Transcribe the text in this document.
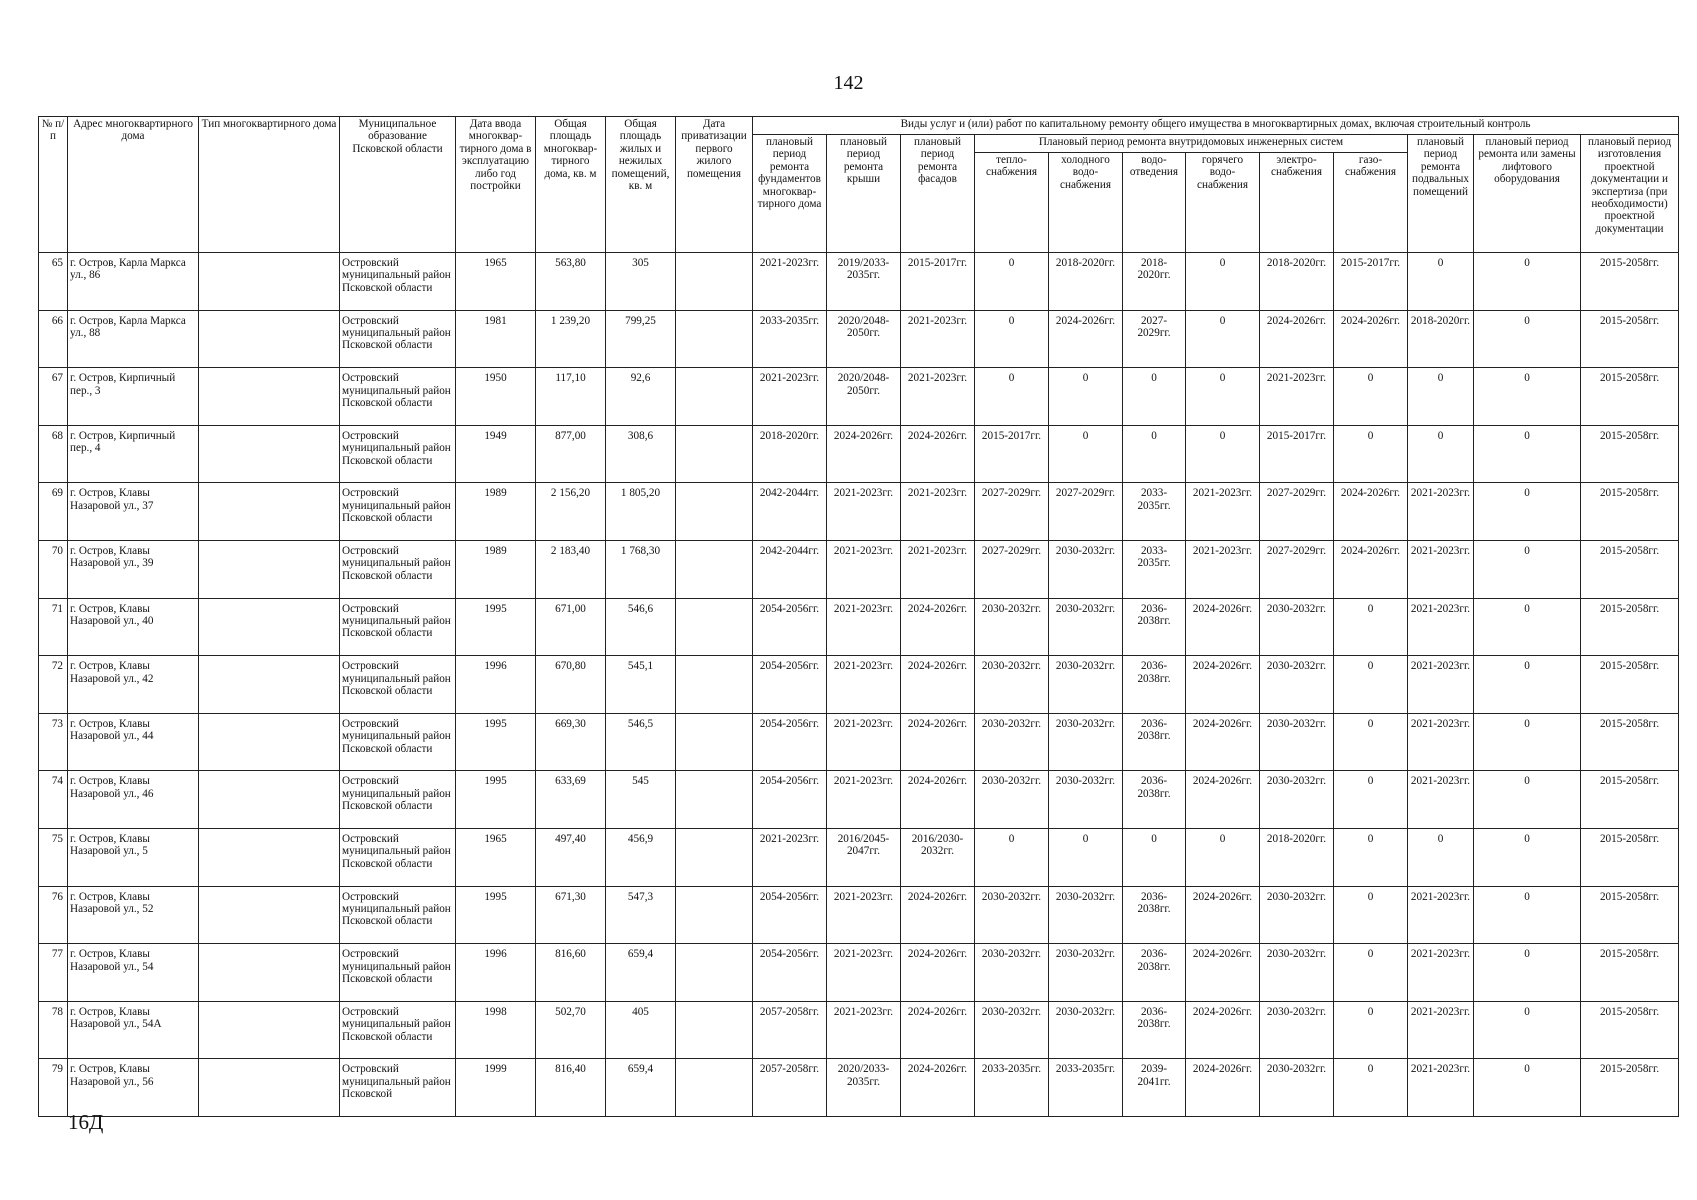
142
№ п/п	Адрес многоквартирного дома	Тип многоквартирного дома	Муниципальное образование Псковской области	Дата ввода многоквар-тирного дома в эксплуатацию либо год постройки	Общая площадь многоквар-тирного дома, кв. м	Общая площадь жилых и нежилых помещений, кв. м	Дата приватизации первого жилого помещения	Виды услуг и (или) работ по капитальному ремонту общего имущества в многоквартирных домах, включая строительный контроль											
								плановый период ремонта фундаментов многоквар-тирного дома	плановый период ремонта крыши	плановый период ремонта фасадов	Плановый период ремонта внутридомовых инженерных систем						плановый период ремонта подвальных помещений	плановый период ремонта или замены лифтового оборудования	плановый период изготовления проектной документации и экспертиза (при необходимости) проектной документации
											тепло-снабжения	холодного водо-снабжения	водо-отведения	горячего водо-снабжения	электро-снабжения	газо-снабжения			
65	г. Остров, Карла Маркса ул., 86		Островский муниципальный район Псковской области	1965	563,80	305		2021-2023гг.	2019/2033-2035гг.	2015-2017гг.	0	2018-2020гг.	2018-2020гг.	0	2018-2020гг.	2015-2017гг.	0	0	2015-2058гг.
66	г. Остров, Карла Маркса ул., 88		Островский муниципальный район Псковской области	1981	1 239,20	799,25		2033-2035гг.	2020/2048-2050гг.	2021-2023гг.	0	2024-2026гг.	2027-2029гг.	0	2024-2026гг.	2024-2026гг.	2018-2020гг.	0	2015-2058гг.
67	г. Остров, Кирпичный пер., 3		Островский муниципальный район Псковской области	1950	117,10	92,6		2021-2023гг.	2020/2048-2050гг.	2021-2023гг.	0	0	0	0	2021-2023гг.	0	0	0	2015-2058гг.
68	г. Остров, Кирпичный пер., 4		Островский муниципальный район Псковской области	1949	877,00	308,6		2018-2020гг.	2024-2026гг.	2024-2026гг.	2015-2017гг.	0	0	0	2015-2017гг.	0	0	0	2015-2058гг.
69	г. Остров, Клавы Назаровой ул., 37		Островский муниципальный район Псковской области	1989	2 156,20	1 805,20		2042-2044гг.	2021-2023гг.	2021-2023гг.	2027-2029гг.	2027-2029гг.	2033-2035гг.	2021-2023гг.	2027-2029гг.	2024-2026гг.	2021-2023гг.	0	2015-2058гг.
70	г. Остров, Клавы Назаровой ул., 39		Островский муниципальный район Псковской области	1989	2 183,40	1 768,30		2042-2044гг.	2021-2023гг.	2021-2023гг.	2027-2029гг.	2030-2032гг.	2033-2035гг.	2021-2023гг.	2027-2029гг.	2024-2026гг.	2021-2023гг.	0	2015-2058гг.
71	г. Остров, Клавы Назаровой ул., 40		Островский муниципальный район Псковской области	1995	671,00	546,6		2054-2056гг.	2021-2023гг.	2024-2026гг.	2030-2032гг.	2030-2032гг.	2036-2038гг.	2024-2026гг.	2030-2032гг.	0	2021-2023гг.	0	2015-2058гг.
72	г. Остров, Клавы Назаровой ул., 42		Островский муниципальный район Псковской области	1996	670,80	545,1		2054-2056гг.	2021-2023гг.	2024-2026гг.	2030-2032гг.	2030-2032гг.	2036-2038гг.	2024-2026гг.	2030-2032гг.	0	2021-2023гг.	0	2015-2058гг.
73	г. Остров, Клавы Назаровой ул., 44		Островский муниципальный район Псковской области	1995	669,30	546,5		2054-2056гг.	2021-2023гг.	2024-2026гг.	2030-2032гг.	2030-2032гг.	2036-2038гг.	2024-2026гг.	2030-2032гг.	0	2021-2023гг.	0	2015-2058гг.
74	г. Остров, Клавы Назаровой ул., 46		Островский муниципальный район Псковской области	1995	633,69	545		2054-2056гг.	2021-2023гг.	2024-2026гг.	2030-2032гг.	2030-2032гг.	2036-2038гг.	2024-2026гг.	2030-2032гг.	0	2021-2023гг.	0	2015-2058гг.
75	г. Остров, Клавы Назаровой ул., 5		Островский муниципальный район Псковской области	1965	497,40	456,9		2021-2023гг.	2016/2045-2047гг.	2016/2030-2032гг.	0	0	0	0	2018-2020гг.	0	0	0	2015-2058гг.
76	г. Остров, Клавы Назаровой ул., 52		Островский муниципальный район Псковской области	1995	671,30	547,3		2054-2056гг.	2021-2023гг.	2024-2026гг.	2030-2032гг.	2030-2032гг.	2036-2038гг.	2024-2026гг.	2030-2032гг.	0	2021-2023гг.	0	2015-2058гг.
77	г. Остров, Клавы Назаровой ул., 54		Островский муниципальный район Псковской области	1996	816,60	659,4		2054-2056гг.	2021-2023гг.	2024-2026гг.	2030-2032гг.	2030-2032гг.	2036-2038гг.	2024-2026гг.	2030-2032гг.	0	2021-2023гг.	0	2015-2058гг.
78	г. Остров, Клавы Назаровой ул., 54А		Островский муниципальный район Псковской области	1998	502,70	405		2057-2058гг.	2021-2023гг.	2024-2026гг.	2030-2032гг.	2030-2032гг.	2036-2038гг.	2024-2026гг.	2030-2032гг.	0	2021-2023гг.	0	2015-2058гг.
79	г. Остров, Клавы Назаровой ул., 56		Островский муниципальный район Псковской	1999	816,40	659,4		2057-2058гг.	2020/2033-2035гг.	2024-2026гг.	2033-2035гг.	2033-2035гг.	2039-2041гг.	2024-2026гг.	2030-2032гг.	0	2021-2023гг.	0	2015-2058гг.
16Д
